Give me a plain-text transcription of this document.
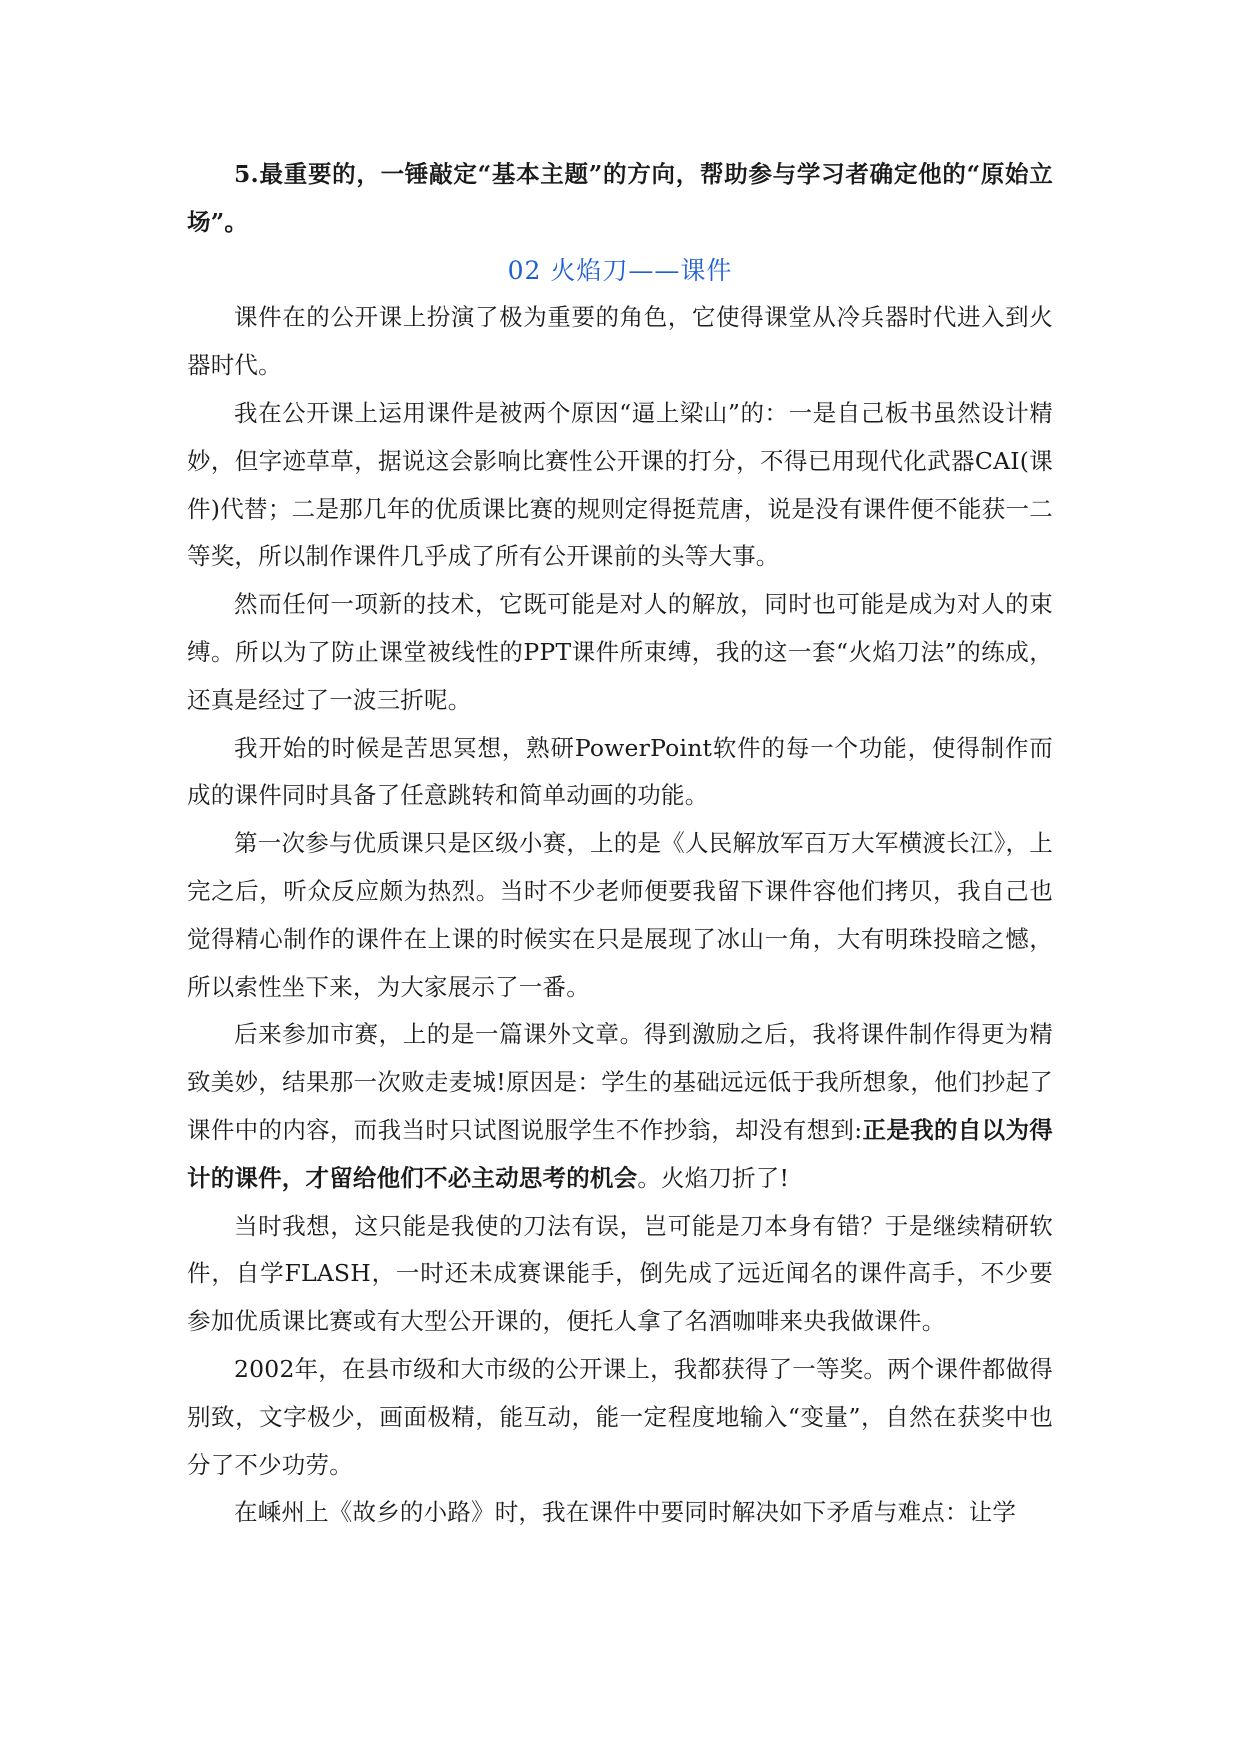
5.最重要的，一锤敲定“基本主题”的方向，帮助参与学习者确定他的“原始立场”。

02 火焰刀——课件

课件在的公开课上扮演了极为重要的角色，它使得课堂从冷兵器时代进入到火器时代。

我在公开课上运用课件是被两个原因“逼上梁山”的：一是自己板书虽然设计精妙，但字迹草草，据说这会影响比赛性公开课的打分，不得已用现代化武器CAI(课件)代替；二是那几年的优质课比赛的规则定得挺荒唐，说是没有课件便不能获一二等奖，所以制作课件几乎成了所有公开课前的头等大事。

然而任何一项新的技术，它既可能是对人的解放，同时也可能是成为对人的束缚。所以为了防止课堂被线性的PPT课件所束缚，我的这一套“火焰刀法”的练成，还真是经过了一波三折呢。

我开始的时候是苦思冥想，熟研PowerPoint软件的每一个功能，使得制作而成的课件同时具备了任意跳转和简单动画的功能。

第一次参与优质课只是区级小赛，上的是《人民解放军百万大军横渡长江》，上完之后，听众反应颇为热烈。当时不少老师便要我留下课件容他们拷贝，我自己也觉得精心制作的课件在上课的时候实在只是展现了冰山一角，大有明珠投暗之憾，所以索性坐下来，为大家展示了一番。

后来参加市赛，上的是一篇课外文章。得到激励之后，我将课件制作得更为精致美妙，结果那一次败走麦城!原因是：学生的基础远远低于我所想象，他们抄起了课件中的内容，而我当时只试图说服学生不作抄翁，却没有想到:正是我的自以为得计的课件，才留给他们不必主动思考的机会。火焰刀折了!

当时我想，这只能是我使的刀法有误，岂可能是刀本身有错？于是继续精研软件，自学FLASH，一时还未成赛课能手，倒先成了远近闻名的课件高手，不少要参加优质课比赛或有大型公开课的，便托人拿了名酒咖啡来央我做课件。

2002年，在县市级和大市级的公开课上，我都获得了一等奖。两个课件都做得别致，文字极少，画面极精，能互动，能一定程度地输入“变量”，自然在获奖中也分了不少功劳。

在嵊州上《故乡的小路》时，我在课件中要同时解决如下矛盾与难点：让学
